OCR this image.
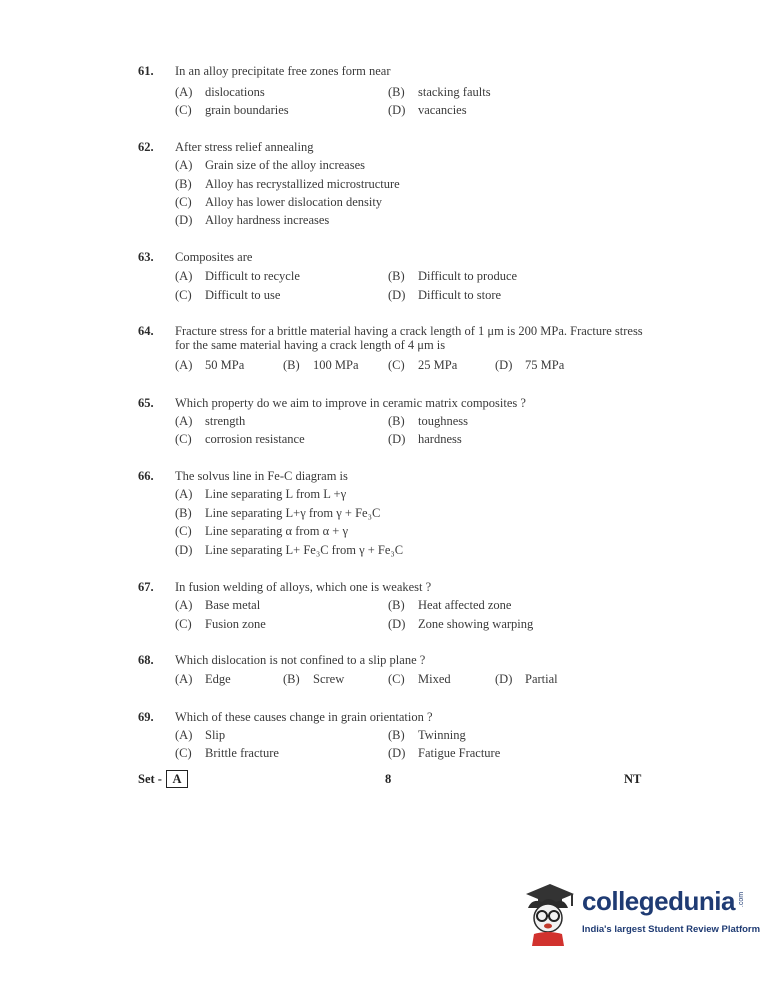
61. In an alloy precipitate free zones form near
(A) dislocations	(B) stacking faults
(C) grain boundaries	(D) vacancies
62. After stress relief annealing
(A) Grain size of the alloy increases
(B) Alloy has recrystallized microstructure
(C) Alloy has lower dislocation density
(D) Alloy hardness increases
63. Composites are
(A) Difficult to recycle	(B) Difficult to produce
(C) Difficult to use	(D) Difficult to store
64. Fracture stress for a brittle material having a crack length of 1 μm is 200 MPa. Fracture stress for the same material having a crack length of 4 μm is
(A) 50 MPa	(B) 100 MPa (C) 25 MPa	(D) 75 MPa
65. Which property do we aim to improve in ceramic matrix composites ?
(A) strength	(B) toughness
(C) corrosion resistance	(D) hardness
66. The solvus line in Fe-C diagram is
(A) Line separating L from L +γ
(B) Line separating L+γ from γ + Fe₃C
(C) Line separating α from α + γ
(D) Line separating L+ Fe₃C from γ + Fe₃C
67. In fusion welding of alloys, which one is weakest ?
(A) Base metal	(B) Heat affected zone
(C) Fusion zone	(D) Zone showing warping
68. Which dislocation is not confined to a slip plane ?
(A) Edge	(B) Screw	(C) Mixed	(D) Partial
69. Which of these causes change in grain orientation ?
(A) Slip	(B) Twinning
(C) Brittle fracture	(D) Fatigue Fracture
Set - A	8	NT
collegedunia .com
India's largest Student Review Platform
